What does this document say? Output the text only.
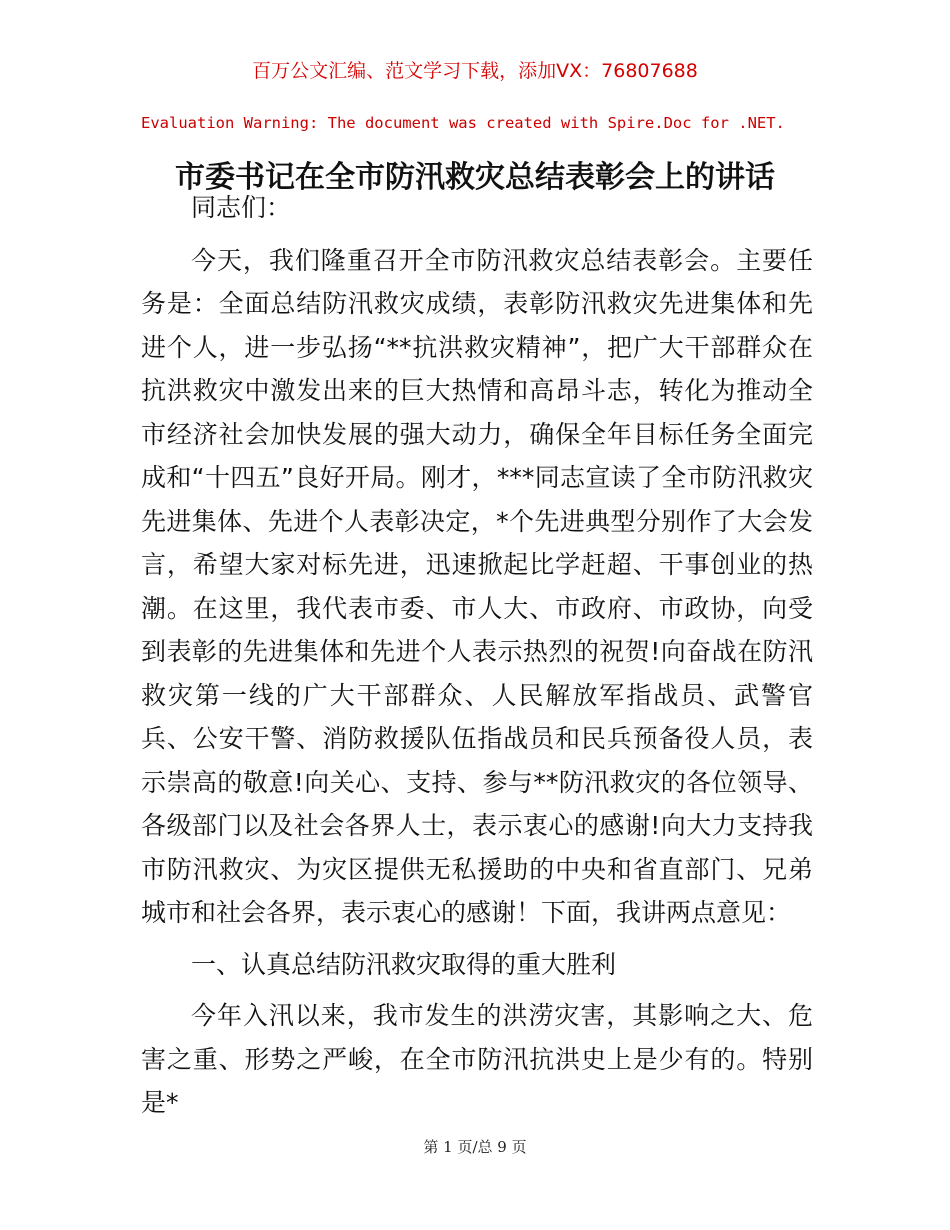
百万公文汇编、范文学习下载，添加VX：76807688
Evaluation Warning: The document was created with Spire.Doc for .NET.
市委书记在全市防汛救灾总结表彰会上的讲话

同志们：

今天，我们隆重召开全市防汛救灾总结表彰会。主要任务是：全面总结防汛救灾成绩，表彰防汛救灾先进集体和先进个人，进一步弘扬“**抗洪救灾精神”，把广大干部群众在抗洪救灾中激发出来的巨大热情和高昂斗志，转化为推动全市经济社会加快发展的强大动力，确保全年目标任务全面完成和“十四五”良好开局。刚才，***同志宣读了全市防汛救灾先进集体、先进个人表彰决定，*个先进典型分别作了大会发言，希望大家对标先进，迅速掀起比学赶超、干事创业的热潮。在这里，我代表市委、市人大、市政府、市政协，向受到表彰的先进集体和先进个人表示热烈的祝贺!向奋战在防汛救灾第一线的广大干部群众、人民解放军指战员、武警官兵、公安干警、消防救援队伍指战员和民兵预备役人员，表示崇高的敬意!向关心、支持、参与**防汛救灾的各位领导、各级部门以及社会各界人士，表示衷心的感谢!向大力支持我市防汛救灾、为灾区提供无私援助的中央和省直部门、兄弟城市和社会各界，表示衷心的感谢！下面，我讲两点意见：

一、认真总结防汛救灾取得的重大胜利

今年入汛以来，我市发生的洪涝灾害，其影响之大、危害之重、形势之严峻，在全市防汛抗洪史上是少有的。特别是*

第 1 页/总 9 页
